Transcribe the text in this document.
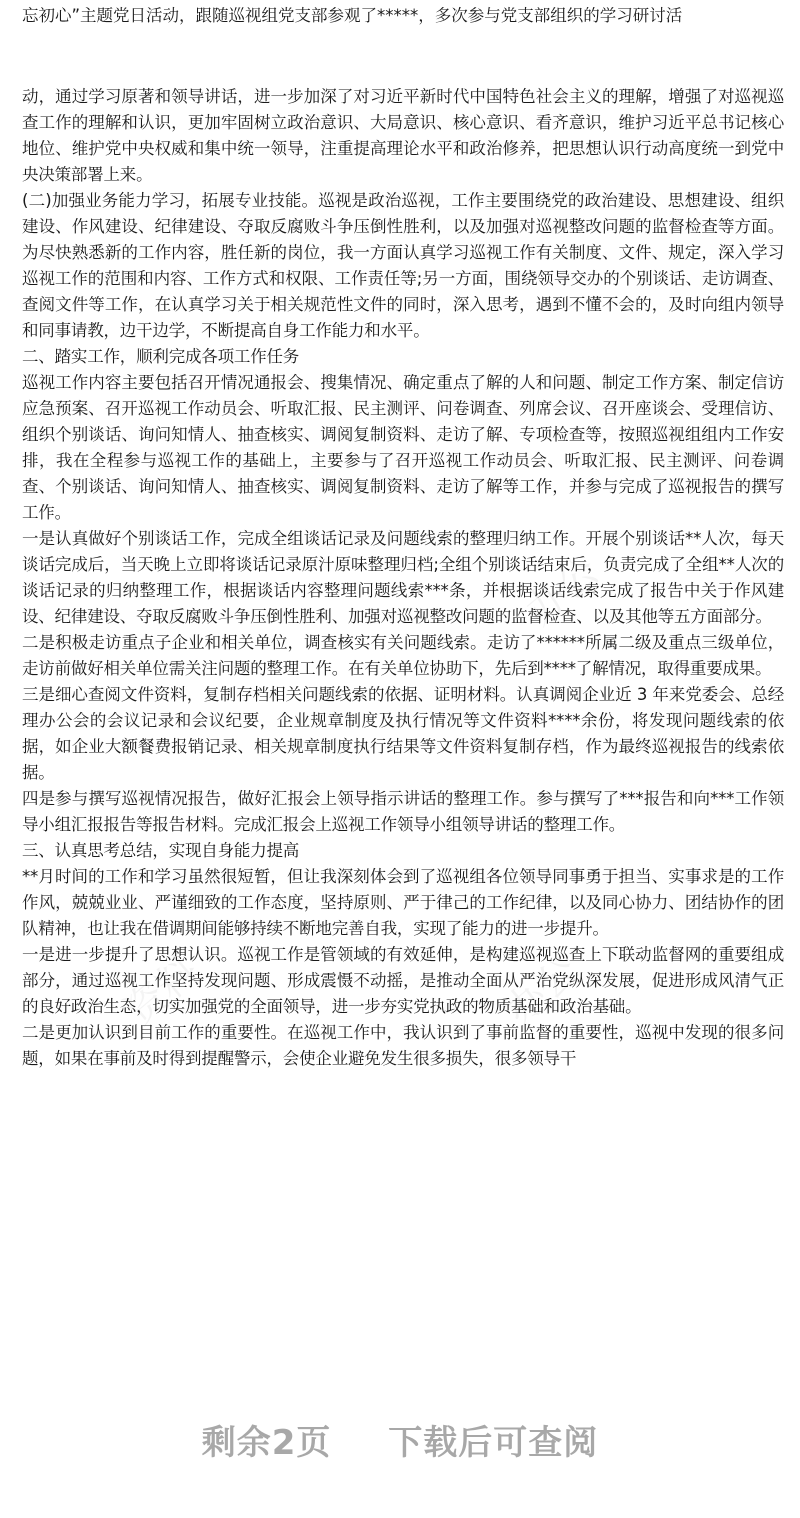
忘初心”主题党日活动，跟随巡视组党支部参观了*****，多次参与党支部组织的学习研讨活

动，通过学习原著和领导讲话，进一步加深了对习近平新时代中国特色社会主义的理解，增强了对巡视巡查工作的理解和认识，更加牢固树立政治意识、大局意识、核心意识、看齐意识，维护习近平总书记核心地位、维护党中央权威和集中统一领导，注重提高理论水平和政治修养，把思想认识行动高度统一到党中央决策部署上来。

(二)加强业务能力学习，拓展专业技能。巡视是政治巡视，工作主要围绕党的政治建设、思想建设、组织建设、作风建设、纪律建设、夺取反腐败斗争压倒性胜利，以及加强对巡视整改问题的监督检查等方面。为尽快熟悉新的工作内容，胜任新的岗位，我一方面认真学习巡视工作有关制度、文件、规定，深入学习巡视工作的范围和内容、工作方式和权限、工作责任等;另一方面，围绕领导交办的个别谈话、走访调查、查阅文件等工作，在认真学习关于相关规范性文件的同时，深入思考，遇到不懂不会的，及时向组内领导和同事请教，边干边学，不断提高自身工作能力和水平。

二、踏实工作，顺利完成各项工作任务

巡视工作内容主要包括召开情况通报会、搜集情况、确定重点了解的人和问题、制定工作方案、制定信访应急预案、召开巡视工作动员会、听取汇报、民主测评、问卷调查、列席会议、召开座谈会、受理信访、组织个别谈话、询问知情人、抽查核实、调阅复制资料、走访了解、专项检查等，按照巡视组组内工作安排，我在全程参与巡视工作的基础上，主要参与了召开巡视工作动员会、听取汇报、民主测评、问卷调查、个别谈话、询问知情人、抽查核实、调阅复制资料、走访了解等工作，并参与完成了巡视报告的撰写工作。

一是认真做好个别谈话工作，完成全组谈话记录及问题线索的整理归纳工作。开展个别谈话**人次，每天谈话完成后，当天晚上立即将谈话记录原汁原味整理归档;全组个别谈话结束后，负责完成了全组**人次的谈话记录的归纳整理工作，根据谈话内容整理问题线索***条，并根据谈话线索完成了报告中关于作风建设、纪律建设、夺取反腐败斗争压倒性胜利、加强对巡视整改问题的监督检查、以及其他等五方面部分。

二是积极走访重点子企业和相关单位，调查核实有关问题线索。走访了******所属二级及重点三级单位，走访前做好相关单位需关注问题的整理工作。在有关单位协助下，先后到****了解情况，取得重要成果。

三是细心查阅文件资料，复制存档相关问题线索的依据、证明材料。认真调阅企业近 3 年来党委会、总经理办公会的会议记录和会议纪要，企业规章制度及执行情况等文件资料****余份，将发现问题线索的依据，如企业大额餐费报销记录、相关规章制度执行结果等文件资料复制存档，作为最终巡视报告的线索依据。

四是参与撰写巡视情况报告，做好汇报会上领导指示讲话的整理工作。参与撰写了***报告和向***工作领导小组汇报报告等报告材料。完成汇报会上巡视工作领导小组领导讲话的整理工作。

三、认真思考总结，实现自身能力提高

**月时间的工作和学习虽然很短暂，但让我深刻体会到了巡视组各位领导同事勇于担当、实事求是的工作作风，兢兢业业、严谨细致的工作态度，坚持原则、严于律己的工作纪律，以及同心协力、团结协作的团队精神，也让我在借调期间能够持续不断地完善自我，实现了能力的进一步提升。

一是进一步提升了思想认识。巡视工作是管领域的有效延伸，是构建巡视巡查上下联动监督网的重要组成部分，通过巡视工作坚持发现问题、形成震慑不动摇，是推动全面从严治党纵深发展，促进形成风清气正的良好政治生态，切实加强党的全面领导，进一步夯实党执政的物质基础和政治基础。

二是更加认识到目前工作的重要性。在巡视工作中，我认识到了事前监督的重要性，巡视中发现的很多问题，如果在事前及时得到提醒警示，会使企业避免发生很多损失，很多领导干

剩余2页 下载后可查阅
